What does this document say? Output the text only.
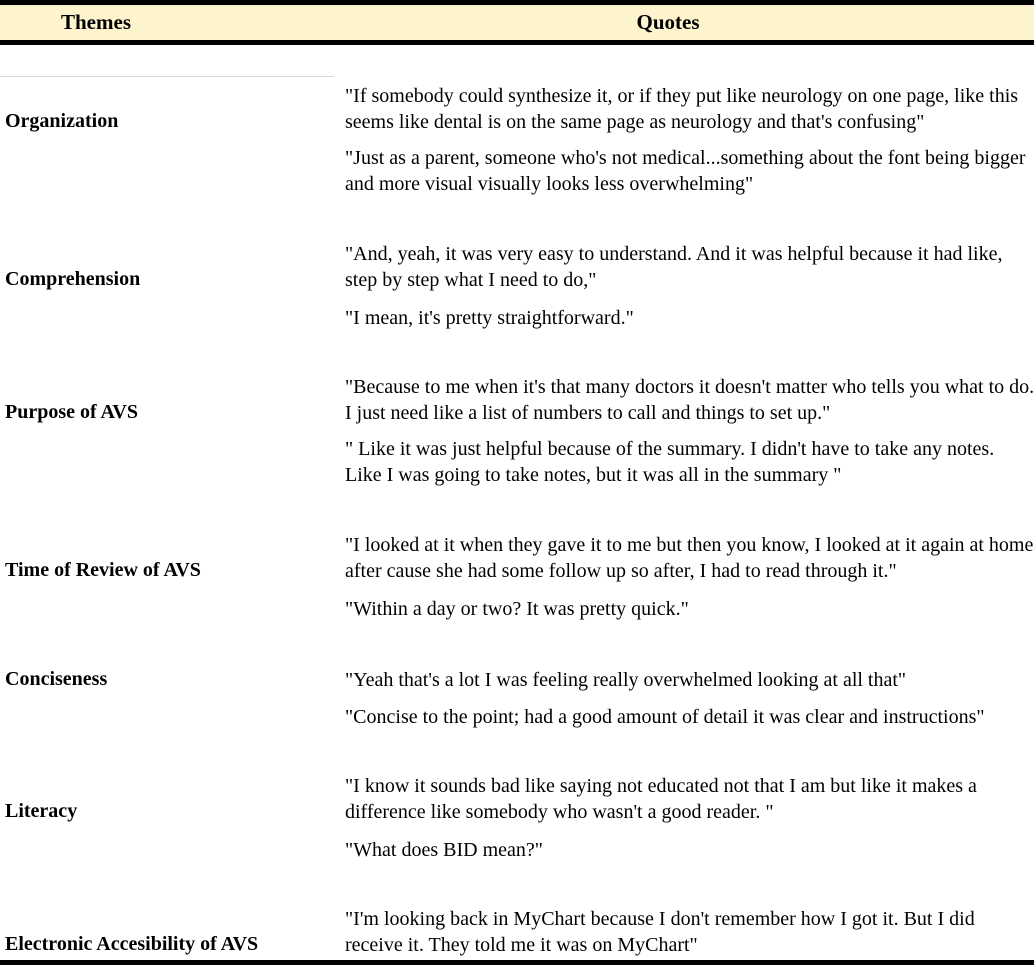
Themes	Quotes
Organization
"If somebody could synthesize it, or if they put like neurology on one page, like this seems like dental is on the same page as neurology and that's confusing"
"Just as a parent, someone who's not medical...something about the font being bigger and more visual visually looks less overwhelming"
Comprehension
"And, yeah, it was very easy to understand. And it was helpful because it had like, step by step what I need to do,"
"I mean, it's pretty straightforward."
Purpose of AVS
"Because to me when it's that many doctors it doesn't matter who tells you what to do. I just need like a list of numbers to call and things to set up."
" Like it was just helpful because of the summary. I didn't have to take any notes. Like I was going to take notes, but it was all in the summary "
Time of Review of AVS
"I looked at it when they gave it to me but then you know, I looked at it again at home after cause she had some follow up so after, I had to read through it."
"Within a day or two? It was pretty quick."
Conciseness	"Yeah that's a lot I was feeling really overwhelmed looking at all that"
"Concise to the point; had a good amount of detail it was clear and instructions"
Literacy
"I know it sounds bad like saying not educated not that I am but like it makes a difference like somebody who wasn't a good reader. "
"What does BID mean?"
Electronic Accesibility of AVS
"I'm looking back in MyChart because I don't remember how I got it. But I did receive it. They told me it was on MyChart"
